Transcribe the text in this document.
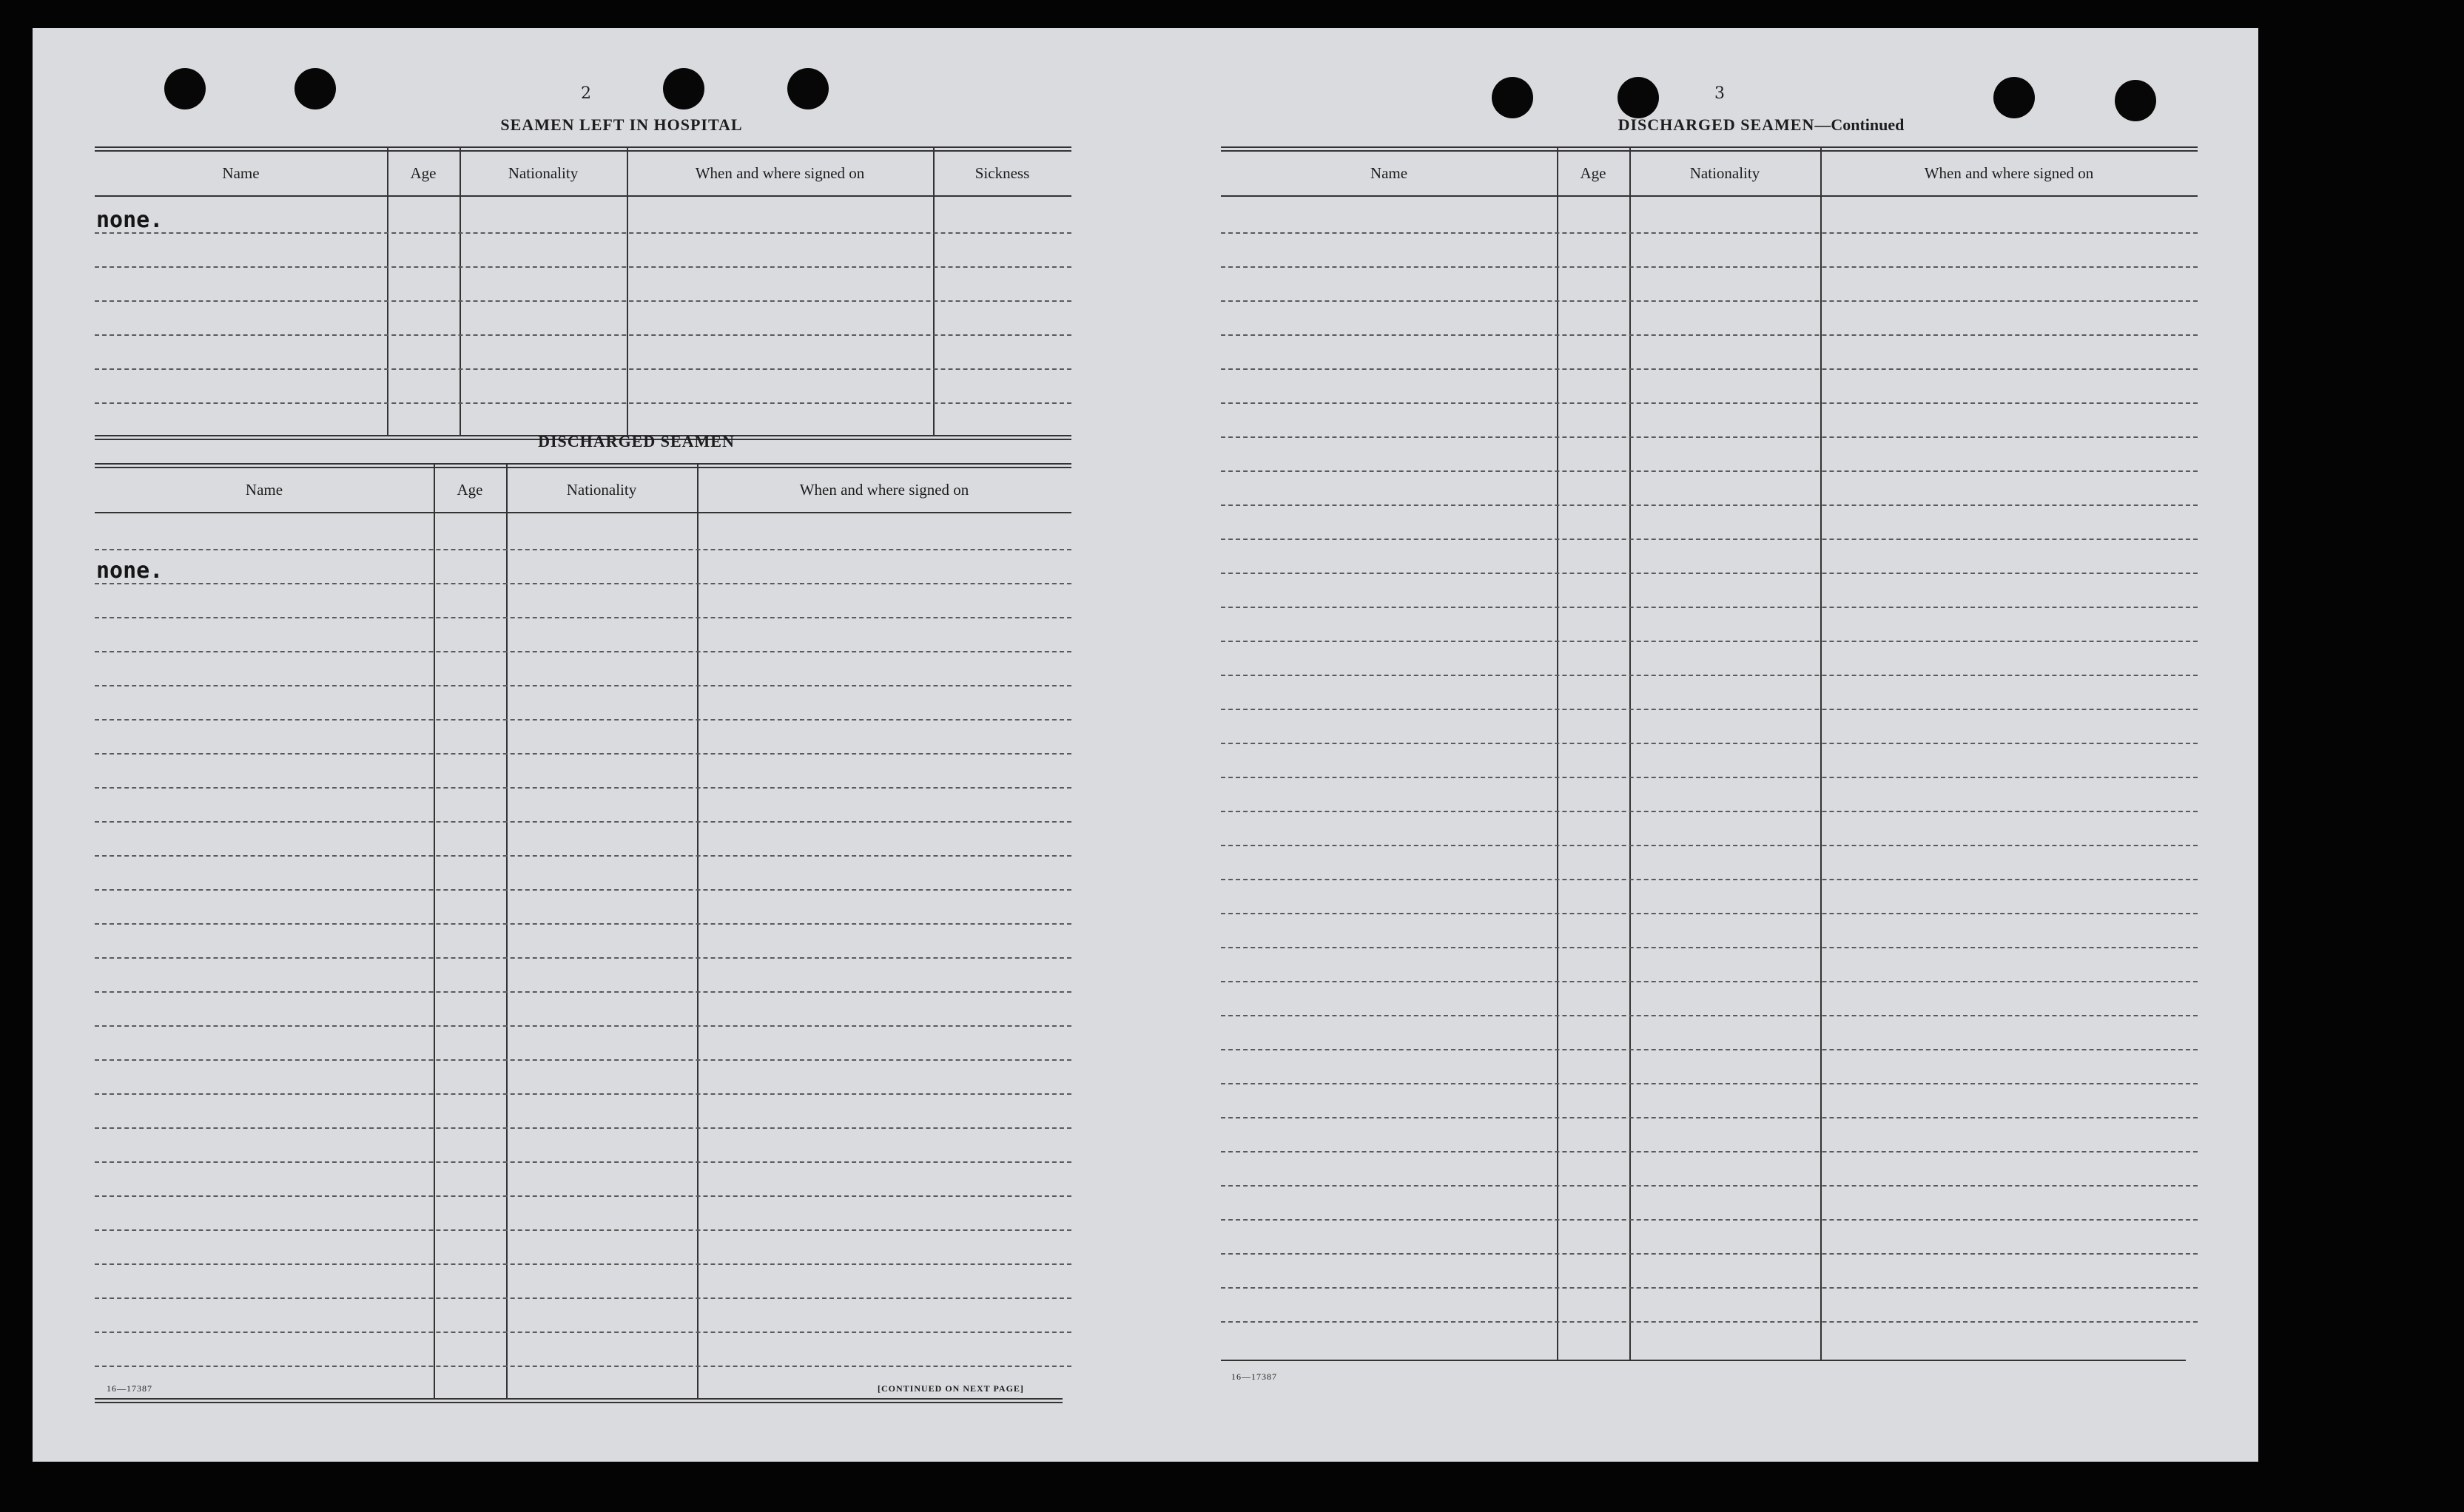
2
SEAMEN LEFT IN HOSPITAL
Name	Age	Nationality	When and where signed on	Sickness
none.
DISCHARGED SEAMEN
Name	Age	Nationality	When and where signed on
none.
16—17387	[CONTINUED ON NEXT PAGE]
3
DISCHARGED SEAMEN—Continued
Name	Age	Nationality	When and where signed on
16—17387
